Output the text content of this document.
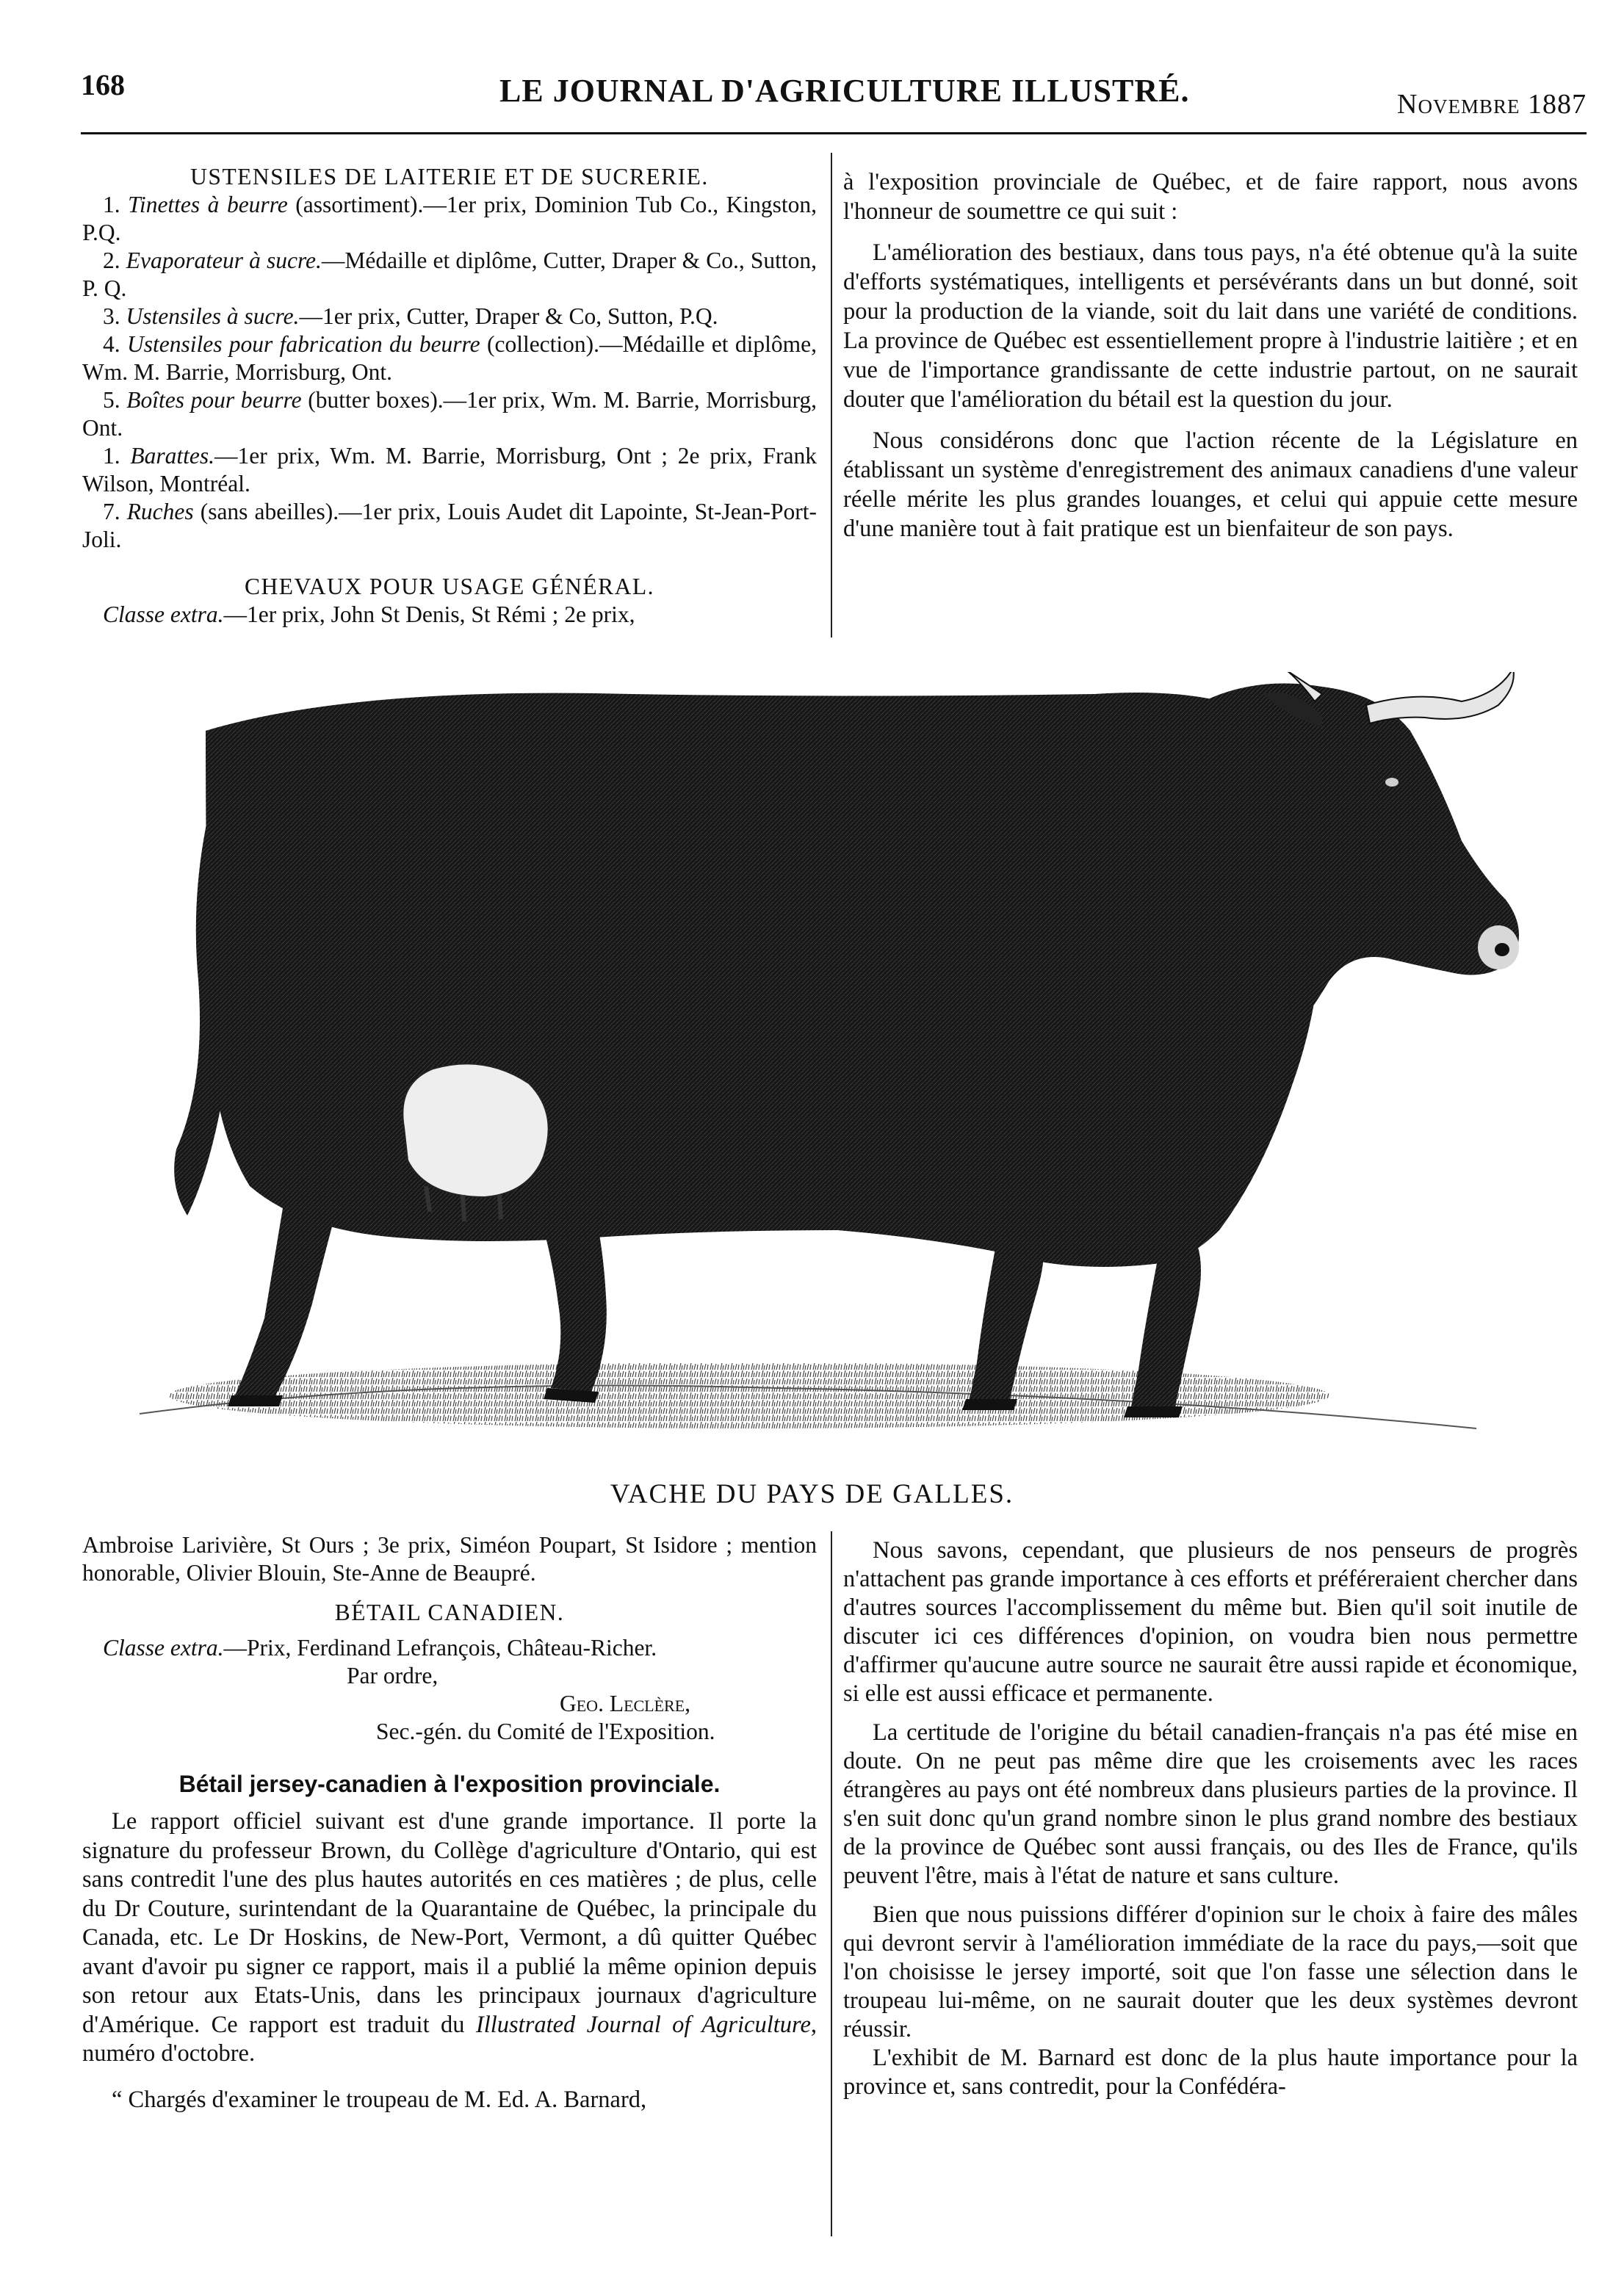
168	LE JOURNAL D'AGRICULTURE ILLUSTRÉ.	Novembre 1887

USTENSILES DE LAITERIE ET DE SUCRERIE.

1. Tinettes à beurre (assortiment).—1er prix, Dominion Tub Co., Kingston, P.Q.

2. Evaporateur à sucre.—Médaille et diplôme, Cutter, Draper & Co., Sutton, P. Q.

3. Ustensiles à sucre.—1er prix, Cutter, Draper & Co, Sutton, P.Q.

4. Ustensiles pour fabrication du beurre (collection).—Médaille et diplôme, Wm. M. Barrie, Morrisburg, Ont.

5. Boîtes pour beurre (butter boxes).—1er prix, Wm. M. Barrie, Morrisburg, Ont.

1. Barattes.—1er prix, Wm. M. Barrie, Morrisburg, Ont ; 2e prix, Frank Wilson, Montréal.

7. Ruches (sans abeilles).—1er prix, Louis Audet dit Lapointe, St-Jean-Port-Joli.

CHEVAUX POUR USAGE GÉNÉRAL.

Classe extra.—1er prix, John St Denis, St Rémi ; 2e prix,

à l'exposition provinciale de Québec, et de faire rapport, nous avons l'honneur de soumettre ce qui suit :

L'amélioration des bestiaux, dans tous pays, n'a été obtenue qu'à la suite d'efforts systématiques, intelligents et persévérants dans un but donné, soit pour la production de la viande, soit du lait dans une variété de conditions. La province de Québec est essentiellement propre à l'industrie laitière ; et en vue de l'importance grandissante de cette industrie partout, on ne saurait douter que l'amélioration du bétail est la question du jour.

Nous considérons donc que l'action récente de la Législature en établissant un système d'enregistrement des animaux canadiens d'une valeur réelle mérite les plus grandes louanges, et celui qui appuie cette mesure d'une manière tout à fait pratique est un bienfaiteur de son pays.

VACHE DU PAYS DE GALLES.

Ambroise Larivière, St Ours ; 3e prix, Siméon Poupart, St Isidore ; mention honorable, Olivier Blouin, Ste-Anne de Beaupré.

BÉTAIL CANADIEN.

Classe extra.—Prix, Ferdinand Lefrançois, Château-Richer.

Par ordre,

Geo. Leclère,

Sec.-gén. du Comité de l'Exposition.

Bétail jersey-canadien à l'exposition provinciale.

Le rapport officiel suivant est d'une grande importance. Il porte la signature du professeur Brown, du Collège d'agriculture d'Ontario, qui est sans contredit l'une des plus hautes autorités en ces matières ; de plus, celle du Dr Couture, surintendant de la Quarantaine de Québec, la principale du Canada, etc. Le Dr Hoskins, de New-Port, Vermont, a dû quitter Québec avant d'avoir pu signer ce rapport, mais il a publié la même opinion depuis son retour aux Etats-Unis, dans les principaux journaux d'agriculture d'Amérique. Ce rapport est traduit du Illustrated Journal of Agriculture, numéro d'octobre.

“ Chargés d'examiner le troupeau de M. Ed. A. Barnard,

Nous savons, cependant, que plusieurs de nos penseurs de progrès n'attachent pas grande importance à ces efforts et préféreraient chercher dans d'autres sources l'accomplissement du même but. Bien qu'il soit inutile de discuter ici ces différences d'opinion, on voudra bien nous permettre d'affirmer qu'aucune autre source ne saurait être aussi rapide et économique, si elle est aussi efficace et permanente.

La certitude de l'origine du bétail canadien-français n'a pas été mise en doute. On ne peut pas même dire que les croisements avec les races étrangères au pays ont été nombreux dans plusieurs parties de la province. Il s'en suit donc qu'un grand nombre sinon le plus grand nombre des bestiaux de la province de Québec sont aussi français, ou des Iles de France, qu'ils peuvent l'être, mais à l'état de nature et sans culture.

Bien que nous puissions différer d'opinion sur le choix à faire des mâles qui devront servir à l'amélioration immédiate de la race du pays,—soit que l'on choisisse le jersey importé, soit que l'on fasse une sélection dans le troupeau lui-même, on ne saurait douter que les deux systèmes devront réussir.

L'exhibit de M. Barnard est donc de la plus haute importance pour la province et, sans contredit, pour la Confédéra-
